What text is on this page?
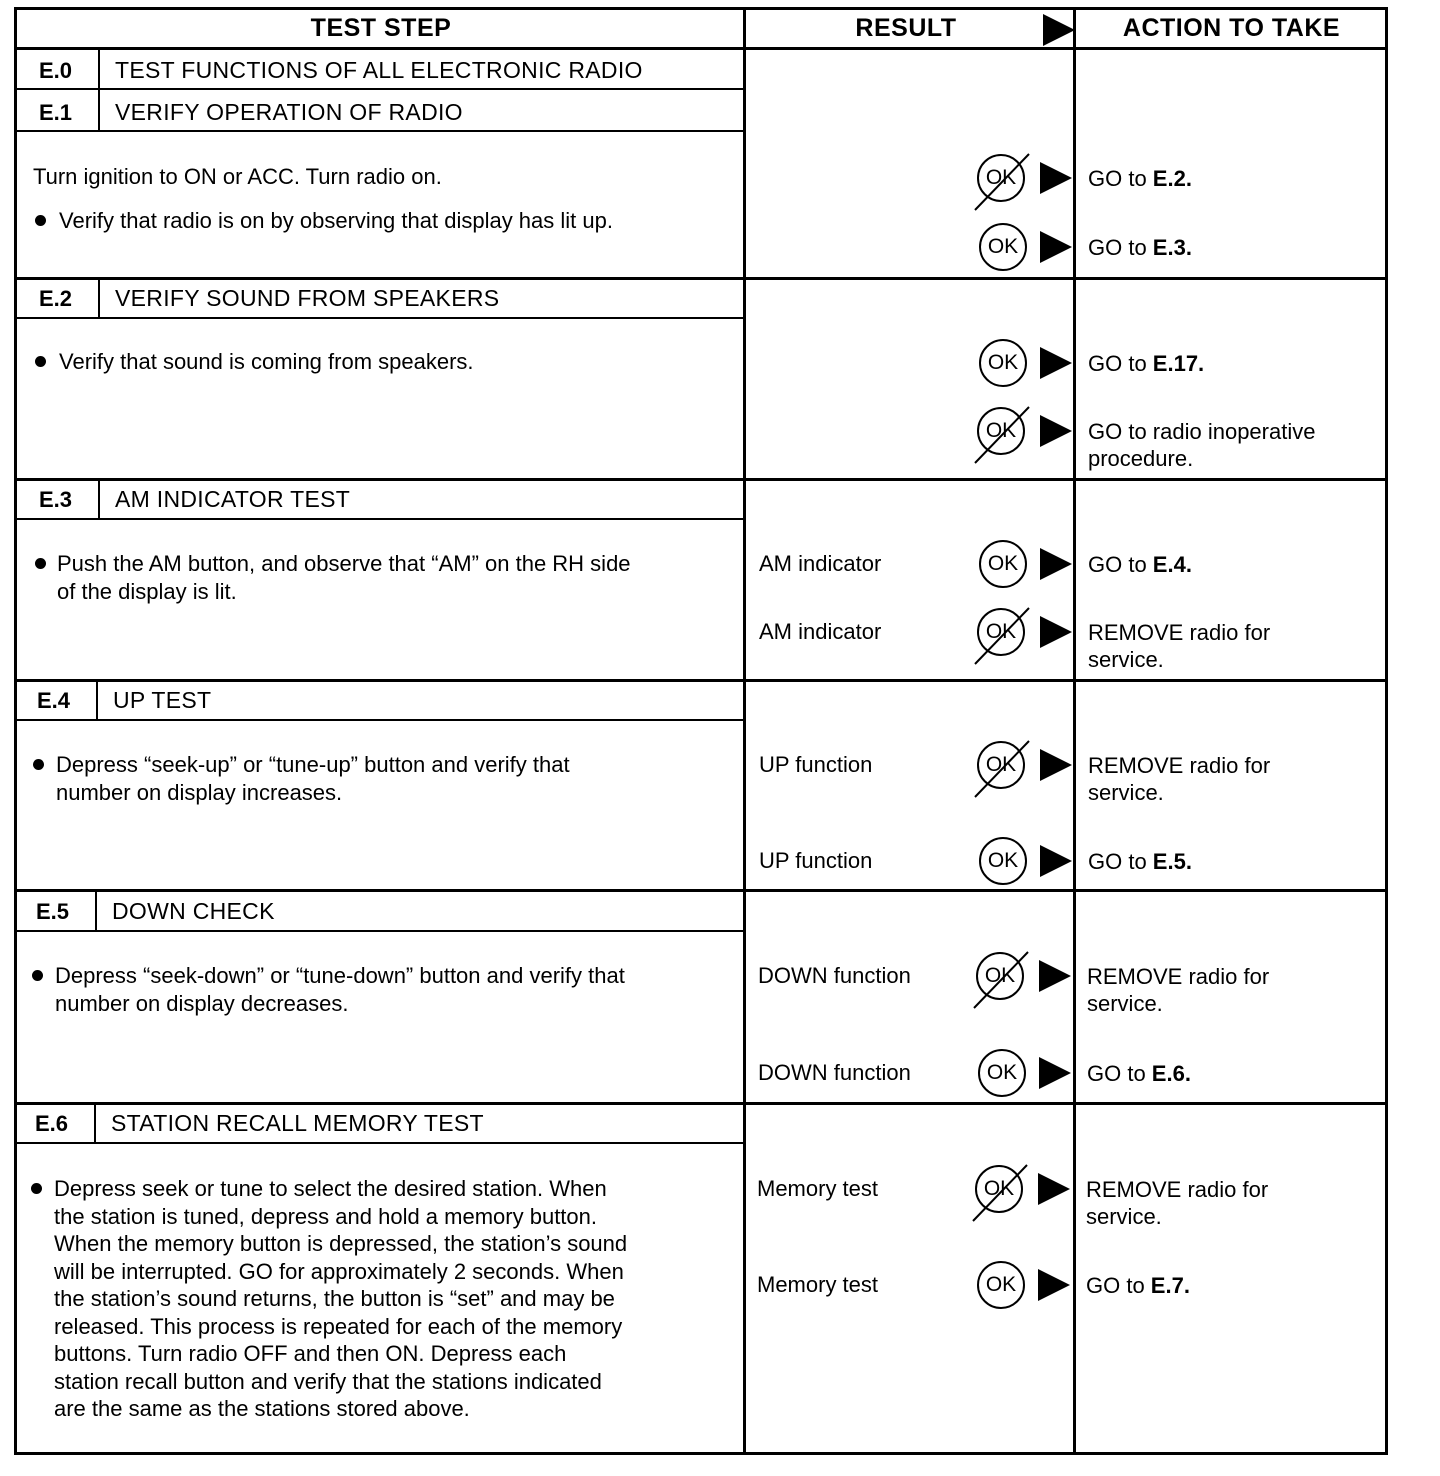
TEST STEP	RESULT	ACTION TO TAKE
E.0 TEST FUNCTIONS OF ALL ELECTRONIC RADIO
E.1 VERIFY OPERATION OF RADIO
Turn ignition to ON or ACC. Turn radio on.
Verify that radio is on by observing that display has lit up.
OK	GO to E.2.
OK	GO to E.3.
E.2 VERIFY SOUND FROM SPEAKERS
Verify that sound is coming from speakers.	OK	GO to E.17.
OK	GO to radio inoperative
procedure.
E.3 AM INDICATOR TEST
Push the AM button, and observe that “AM” on the RH side
of the display is lit.
AM indicator	OK	GO to E.4.
AM indicator	OK	REMOVE radio for
service.
E.4 UP TEST
Depress “seek-up” or “tune-up” button and verify that
number on display increases.
UP function	OK	REMOVE radio for
service.
UP function	OK	GO to E.5.
E.5 DOWN CHECK
Depress “seek-down” or “tune-down” button and verify that
number on display decreases.
DOWN function	OK	REMOVE radio for
service.
DOWN function	OK	GO to E.6.
E.6 STATION RECALL MEMORY TEST
Depress seek or tune to select the desired station. When
the station is tuned, depress and hold a memory button.
When the memory button is depressed, the station’s sound
will be interrupted. GO for approximately 2 seconds. When
the station’s sound returns, the button is “set” and may be
released. This process is repeated for each of the memory
buttons. Turn radio OFF and then ON. Depress each
station recall button and verify that the stations indicated
are the same as the stations stored above.
Memory test	OK	REMOVE radio for
service.
Memory test	OK	GO to E.7.
